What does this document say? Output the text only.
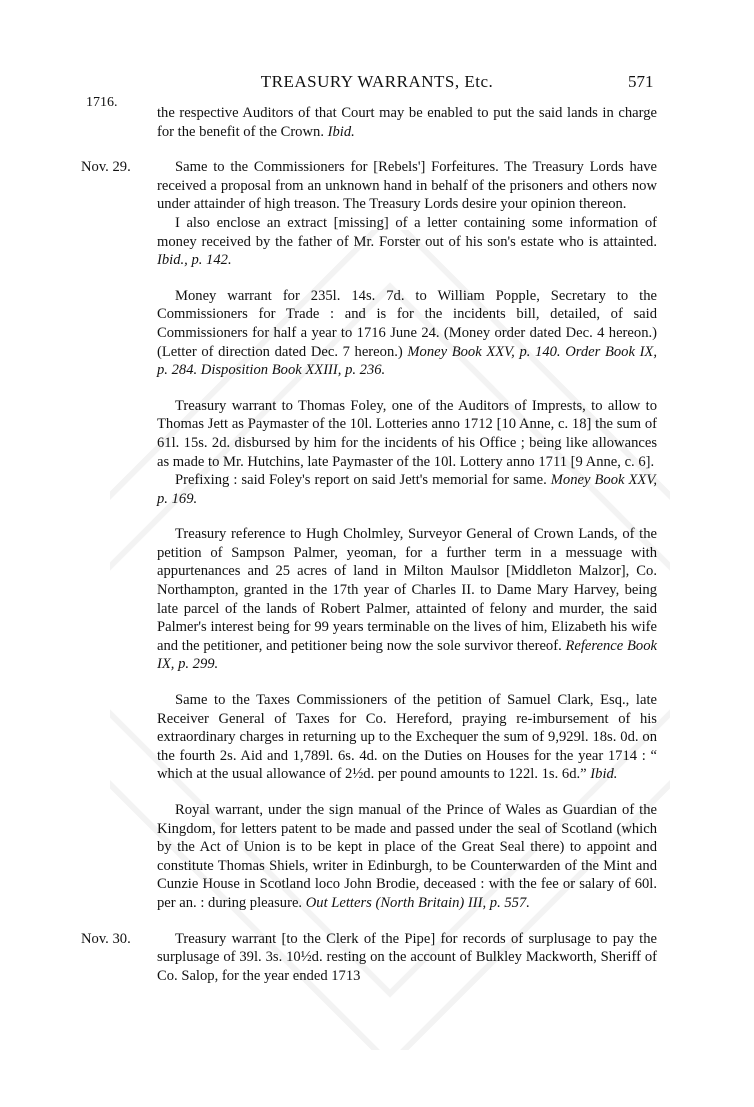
TREASURY WARRANTS, Etc.	571
1716.

the respective Auditors of that Court may be enabled to put the said lands in charge for the benefit of the Crown. Ibid.

Nov. 29.	Same to the Commissioners for [Rebels'] Forfeitures. The Treasury Lords have received a proposal from an unknown hand in behalf of the prisoners and others now under attainder of high treason. The Treasury Lords desire your opinion thereon.

I also enclose an extract [missing] of a letter containing some information of money received by the father of Mr. Forster out of his son's estate who is attainted. Ibid., p. 142.

Money warrant for 235l. 14s. 7d. to William Popple, Secretary to the Commissioners for Trade : and is for the incidents bill, detailed, of said Commissioners for half a year to 1716 June 24. (Money order dated Dec. 4 hereon.) (Letter of direction dated Dec. 7 hereon.) Money Book XXV, p. 140. Order Book IX, p. 284. Disposition Book XXIII, p. 236.

Treasury warrant to Thomas Foley, one of the Auditors of Imprests, to allow to Thomas Jett as Paymaster of the 10l. Lotteries anno 1712 [10 Anne, c. 18] the sum of 61l. 15s. 2d. disbursed by him for the incidents of his Office ; being like allowances as made to Mr. Hutchins, late Paymaster of the 10l. Lottery anno 1711 [9 Anne, c. 6].

Prefixing : said Foley's report on said Jett's memorial for same. Money Book XXV, p. 169.

Treasury reference to Hugh Cholmley, Surveyor General of Crown Lands, of the petition of Sampson Palmer, yeoman, for a further term in a messuage with appurtenances and 25 acres of land in Milton Maulsor [Middleton Malzor], Co. Northampton, granted in the 17th year of Charles II. to Dame Mary Harvey, being late parcel of the lands of Robert Palmer, attainted of felony and murder, the said Palmer's interest being for 99 years terminable on the lives of him, Elizabeth his wife and the petitioner, and petitioner being now the sole survivor thereof. Reference Book IX, p. 299.

Same to the Taxes Commissioners of the petition of Samuel Clark, Esq., late Receiver General of Taxes for Co. Hereford, praying re-imbursement of his extraordinary charges in returning up to the Exchequer the sum of 9,929l. 18s. 0d. on the fourth 2s. Aid and 1,789l. 6s. 4d. on the Duties on Houses for the year 1714 : “ which at the usual allowance of 2½d. per pound amounts to 122l. 1s. 6d.” Ibid.

Royal warrant, under the sign manual of the Prince of Wales as Guardian of the Kingdom, for letters patent to be made and passed under the seal of Scotland (which by the Act of Union is to be kept in place of the Great Seal there) to appoint and constitute Thomas Shiels, writer in Edinburgh, to be Counterwarden of the Mint and Cunzie House in Scotland loco John Brodie, deceased : with the fee or salary of 60l. per an. : during pleasure. Out Letters (North Britain) III, p. 557.

Nov. 30.	Treasury warrant [to the Clerk of the Pipe] for records of surplusage to pay the surplusage of 39l. 3s. 10½d. resting on the account of Bulkley Mackworth, Sheriff of Co. Salop, for the year ended 1713
